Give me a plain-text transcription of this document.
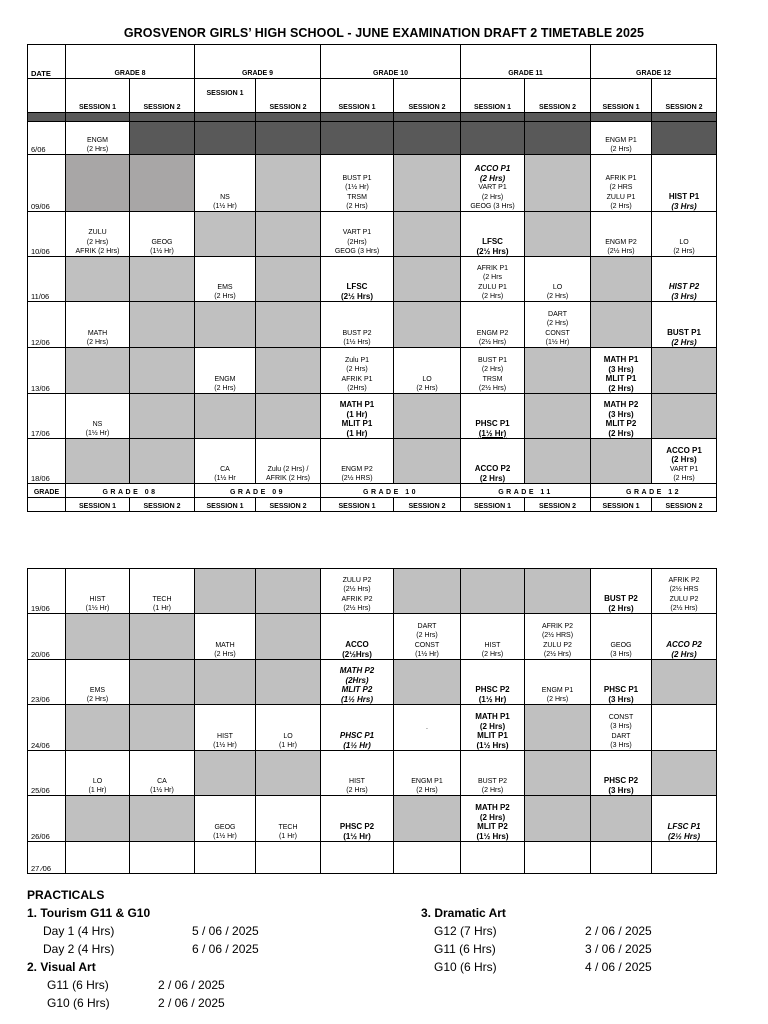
GROSVENOR GIRLS’ HIGH SCHOOL - JUNE EXAMINATION DRAFT 2 TIMETABLE 2025
DATE	GRADE 8		GRADE 9		GRADE 10		GRADE 11		GRADE 12	
	SESSION 1	SESSION 2	SESSION 1	SESSION 2	SESSION 1	SESSION 2	SESSION 1	SESSION 2	SESSION 1	SESSION 2

6/06	ENGM
(2 Hrs)								ENGM P1
(2 Hrs)	

09/06			NS
(1½ Hr)		BUST P1
(1½ Hr)
TRSM
(2 Hrs)		ACCO P1
(2 Hrs)
VART P1
(2 Hrs)
GEOG (3 Hrs)		AFRIK P1
(2 HRS
ZULU P1
(2 Hrs)	HIST P1
(3 Hrs)

10/06	ZULU
(2 Hrs)
AFRIK (2 Hrs)	GEOG
(1½ Hr)			VART P1
(2Hrs)
GEOG (3 Hrs)		LFSC
(2½ Hrs)		ENGM P2
(2½ Hrs)	LO
(2 Hrs)

11/06			EMS
(2 Hrs)		LFSC
(2½ Hrs)		AFRIK P1
(2 Hrs
ZULU P1
(2 Hrs)	LO
(2 Hrs)		HIST P2
(3 Hrs)

12/06	MATH
(2 Hrs)				BUST P2
(1½ Hrs)		ENGM P2
(2½ Hrs)	DART
(2 Hrs)
CONST
(1½ Hr)		BUST P1
(2 Hrs)

13/06			ENGM
(2 Hrs)		Zulu P1
(2 Hrs)
AFRIK P1
(2Hrs)	LO
(2 Hrs)	BUST P1
(2 Hrs)
TRSM
(2½ Hrs)		MATH P1
(3 Hrs)
MLIT P1
(2 Hrs)	

17/06	NS
(1½ Hr)				MATH P1
(1 Hr)
MLIT P1
(1 Hr)		PHSC P1
(1½ Hr)		MATH P2
(3 Hrs)
MLIT P2
(2 Hrs)	

18/06			CA
(1½ Hr	Zulu (2 Hrs) /
AFRIK (2 Hrs)	ENGM P2
(2½ HRS)		ACCO P2
(2 Hrs)			ACCO P1
(2 Hrs)
VART P1
(2 Hrs)

GRADE	GRADE 08		GRADE 09		GRADE 10		GRADE 11		GRADE 12	
	SESSION 1	SESSION 2	SESSION 1	SESSION 2	SESSION 1	SESSION 2	SESSION 1	SESSION 2	SESSION 1	SESSION 2
19/06	HIST
(1½ Hr)	TECH
(1 Hr)			ZULU P2
(2½ Hrs)
AFRIK P2
(2½ Hrs)				BUST P2
(2 Hrs)	AFRIK P2
(2½ HRS
ZULU P2
(2½ Hrs)

20/06			MATH
(2 Hrs)		ACCO
(2½Hrs)	DART
(2 Hrs)
CONST
(1½ Hr)	HIST
(2 Hrs)	AFRIK P2
(2½ HRS)
ZULU P2
(2½ Hrs)	GEOG
(3 Hrs)	ACCO P2
(2 Hrs)

23/06	EMS
(2 Hrs)				MATH P2
(2Hrs)
MLIT P2
(1½ Hrs)		PHSC P2
(1½ Hr)	ENGM P1
(2 Hrs)	PHSC P1
(3 Hrs)	

24/06			HIST
(1½ Hr)	LO
(1 Hr)	PHSC P1
(1½ Hr)	.	MATH P1
(2 Hrs)
MLIT P1
(1½ Hrs)		CONST
(3 Hrs)
DART
(3 Hrs)	

25/06	LO
(1 Hr)	CA
(1½ Hr)			HIST
(2 Hrs)	ENGM P1
(2 Hrs)	BUST P2
(2 Hrs)		PHSC P2
(3 Hrs)	

26/06			GEOG
(1½ Hr)	TECH
(1 Hr)	PHSC P2
(1½ Hr)		MATH P2
(2 Hrs)
MLIT P2
(1½ Hrs)			LFSC P1
(2½ Hrs)

27 ⁄06										
PRACTICALS
1. Tourism G11 & G10
Day 1 (4 Hrs)	5 / 06 / 2025
Day 2 (4 Hrs)	6 / 06 / 2025
2. Visual Art
G11 (6 Hrs)	2 / 06 / 2025
G10 (6 Hrs)	2 / 06 / 2025
3. Dramatic Art
G12 (7 Hrs)	2 / 06 / 2025
G11 (6 Hrs)	3 / 06 / 2025
G10 (6 Hrs)	4 / 06 / 2025
